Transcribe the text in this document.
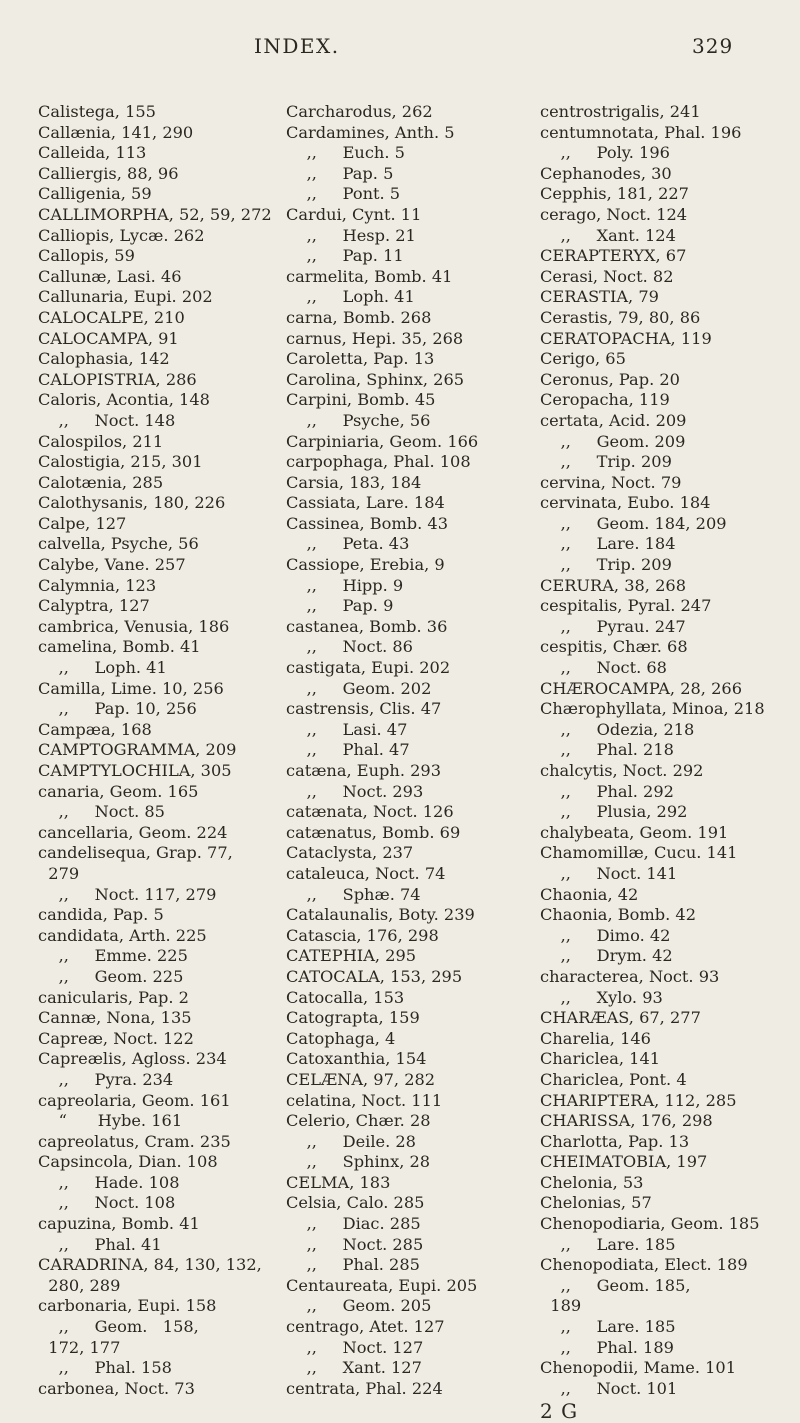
INDEX.	329
Calistega, 155
Callænia, 141, 290
Calleida, 113
Calliergis, 88, 96
Calligenia, 59
CALLIMORPHA, 52, 59, 272
Calliopis, Lycæ. 262
Callopis, 59
Callunæ, Lasi. 46
Callunaria, Eupi. 202
CALOCALPE, 210
CALOCAMPA, 91
Calophasia, 142
CALOPISTRIA, 286
Caloris, Acontia, 148
,,     Noct. 148
Calospilos, 211
Calostigia, 215, 301
Calotænia, 285
Calothysanis, 180, 226
Calpe, 127
calvella, Psyche, 56
Calybe, Vane. 257
Calymnia, 123
Calyptra, 127
cambrica, Venusia, 186
camelina, Bomb. 41
,,     Loph. 41
Camilla, Lime. 10, 256
,,     Pap. 10, 256
Campæa, 168
CAMPTOGRAMMA, 209
CAMPTYLOCHILA, 305
canaria, Geom. 165
,,     Noct. 85
cancellaria, Geom. 224
candelisequa, Grap. 77,
279
,,     Noct. 117, 279
candida, Pap. 5
candidata, Arth. 225
,,     Emme. 225
,,     Geom. 225
canicularis, Pap. 2
Cannæ, Nona, 135
Capreæ, Noct. 122
Capreælis, Agloss. 234
,,     Pyra. 234
capreolaria, Geom. 161
“      Hybe. 161
capreolatus, Cram. 235
Capsincola, Dian. 108
,,     Hade. 108
,,     Noct. 108
capuzina, Bomb. 41
,,     Phal. 41
CARADRINA, 84, 130, 132,
280, 289
carbonaria, Eupi. 158
,,     Geom.   158,
172, 177
,,     Phal. 158
carbonea, Noct. 73
Carcharodus, 262
Cardamines, Anth. 5
,,     Euch. 5
,,     Pap. 5
,,     Pont. 5
Cardui, Cynt. 11
,,     Hesp. 21
,,     Pap. 11
carmelita, Bomb. 41
,,     Loph. 41
carna, Bomb. 268
carnus, Hepi. 35, 268
Caroletta, Pap. 13
Carolina, Sphinx, 265
Carpini, Bomb. 45
,,     Psyche, 56
Carpiniaria, Geom. 166
carpophaga, Phal. 108
Carsia, 183, 184
Cassiata, Lare. 184
Cassinea, Bomb. 43
,,     Peta. 43
Cassiope, Erebia, 9
,,     Hipp. 9
,,     Pap. 9
castanea, Bomb. 36
,,     Noct. 86
castigata, Eupi. 202
,,     Geom. 202
castrensis, Clis. 47
,,     Lasi. 47
,,     Phal. 47
catæna, Euph. 293
,,     Noct. 293
catænata, Noct. 126
catænatus, Bomb. 69
Cataclysta, 237
cataleuca, Noct. 74
,,     Sphæ. 74
Catalaunalis, Boty. 239
Catascia, 176, 298
CATEPHIA, 295
CATOCALA, 153, 295
Catocalla, 153
Catograpta, 159
Catophaga, 4
Catoxanthia, 154
CELÆNA, 97, 282
celatina, Noct. 111
Celerio, Chær. 28
,,     Deile. 28
,,     Sphinx, 28
CELMA, 183
Celsia, Calo. 285
,,     Diac. 285
,,     Noct. 285
,,     Phal. 285
Centaureata, Eupi. 205
,,     Geom. 205
centrago, Atet. 127
,,     Noct. 127
,,     Xant. 127
centrata, Phal. 224
centrostrigalis, 241
centumnotata, Phal. 196
,,     Poly. 196
Cephanodes, 30
Cepphis, 181, 227
cerago, Noct. 124
,,     Xant. 124
CERAPTERYX, 67
Cerasi, Noct. 82
CERASTIA, 79
Cerastis, 79, 80, 86
CERATOPACHA, 119
Cerigo, 65
Ceronus, Pap. 20
Ceropacha, 119
certata, Acid. 209
,,     Geom. 209
,,     Trip. 209
cervina, Noct. 79
cervinata, Eubo. 184
,,     Geom. 184, 209
,,     Lare. 184
,,     Trip. 209
CERURA, 38, 268
cespitalis, Pyral. 247
,,     Pyrau. 247
cespitis, Chær. 68
,,     Noct. 68
CHÆROCAMPA, 28, 266
Chærophyllata, Minoa, 218
,,     Odezia, 218
,,     Phal. 218
chalcytis, Noct. 292
,,     Phal. 292
,,     Plusia, 292
chalybeata, Geom. 191
Chamomillæ, Cucu. 141
,,     Noct. 141
Chaonia, 42
Chaonia, Bomb. 42
,,     Dimo. 42
,,     Drym. 42
characterea, Noct. 93
,,     Xylo. 93
CHARÆAS, 67, 277
Charelia, 146
Chariclea, 141
Chariclea, Pont. 4
CHARIPTERA, 112, 285
CHARISSA, 176, 298
Charlotta, Pap. 13
CHEIMATOBIA, 197
Chelonia, 53
Chelonias, 57
Chenopodiaria, Geom. 185
,,     Lare. 185
Chenopodiata, Elect. 189
,,     Geom. 185,
189
,,     Lare. 185
,,     Phal. 189
Chenopodii, Mame. 101
,,     Noct. 101
2 G
